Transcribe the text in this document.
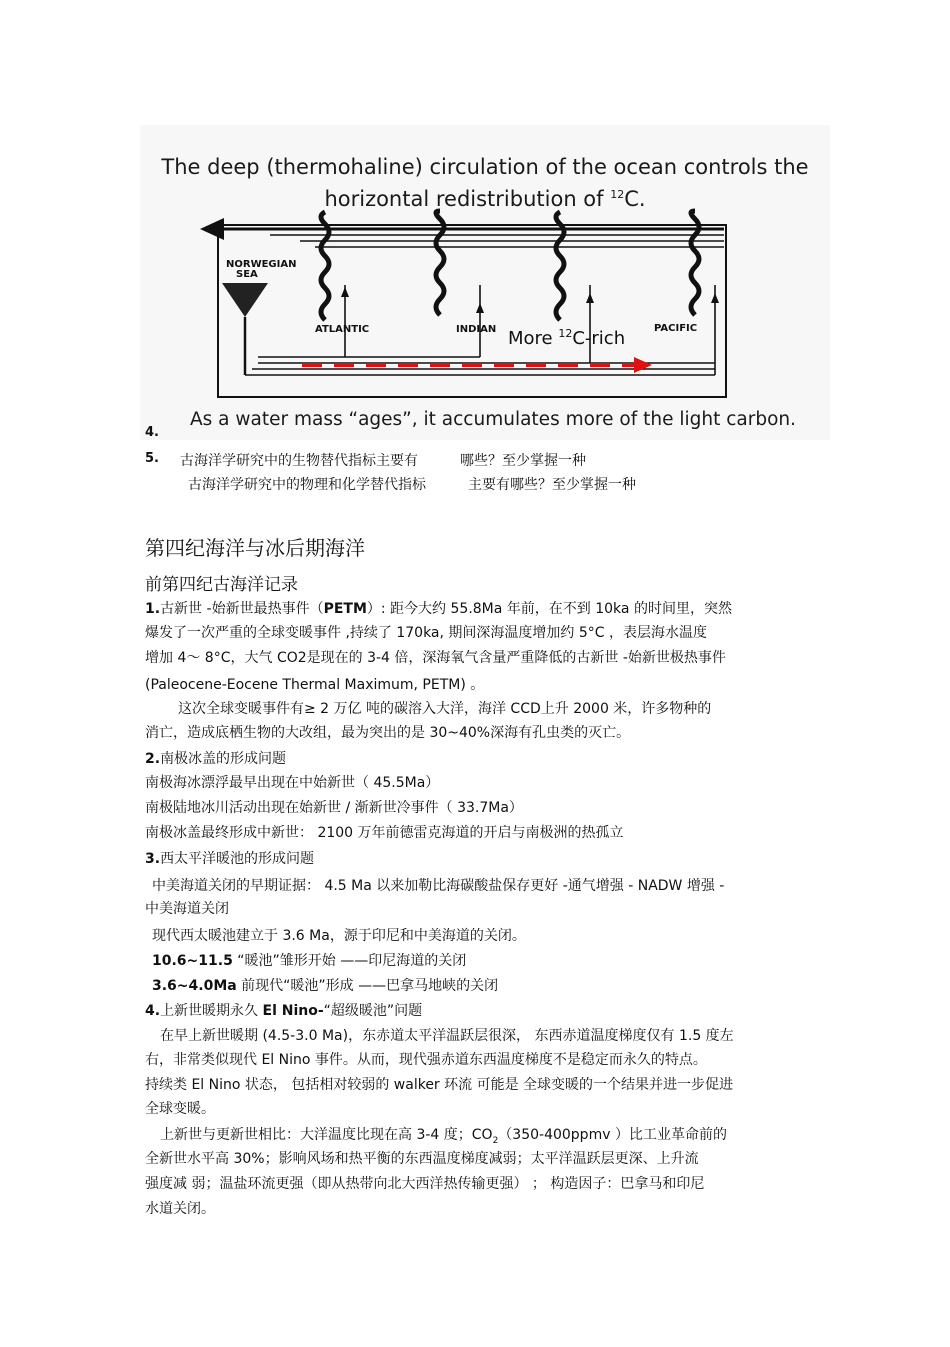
The deep (thermohaline) circulation of the ocean controls the
horizontal redistribution of $^{12}$C.
NORWEGIAN
SEA
ATLANTIC	INDIAN	PACIFIC
More $^{12}$C-rich
As a water mass “ages”, it accumulates more of the light carbon.
4.
5. 古海洋学研究中的生物替代指标主要有	哪些？至少掌握一种
古海洋学研究中的物理和化学替代指标	主要有哪些？至少掌握一种
第四纪海洋与冰后期海洋
前第四纪古海洋记录
1.古新世 -始新世最热事件（PETM）: 距今大约 55.8Ma 年前，在不到 10ka 的时间里，突然
爆发了一次严重的全球变暖事件 ,持续了 170ka, 期间深海温度增加约 5°C ，表层海水温度
增加 4～ 8°C，大气 CO2是现在的 3-4 倍，深海氧气含量严重降低的古新世 -始新世极热事件
(Paleocene-Eocene Thermal Maximum, PETM) 。
这次全球变暖事件有≥ 2 万亿 吨的碳溶入大洋，海洋 CCD上升 2000 米，许多物种的
消亡，造成底栖生物的大改组，最为突出的是 30~40%深海有孔虫类的灭亡。
2.南极冰盖的形成问题
南极海冰漂浮最早出现在中始新世（ 45.5Ma）
南极陆地冰川活动出现在始新世 / 渐新世冷事件（ 33.7Ma）
南极冰盖最终形成中新世： 2100 万年前德雷克海道的开启与南极洲的热孤立
3.西太平洋暖池的形成问题
中美海道关闭的早期证据： 4.5 Ma 以来加勒比海碳酸盐保存更好 -通气增强 - NADW 增强 -
中美海道关闭
现代西太暖池建立于 3.6 Ma，源于印尼和中美海道的关闭。
10.6~11.5 “暖池”雏形开始 ——印尼海道的关闭
3.6~4.0Ma 前现代“暖池”形成 ——巴拿马地峡的关闭
4.上新世暖期永久 El Nino-“超级暖池”问题
在早上新世暖期 (4.5-3.0 Ma)，东赤道太平洋温跃层很深， 东西赤道温度梯度仅有 1.5 度左
右，非常类似现代 El Nino 事件。从而，现代强赤道东西温度梯度不是稳定而永久的特点。
持续类 El Nino 状态， 包括相对较弱的 walker 环流 可能是 全球变暖的一个结果并进一步促进
全球变暖。
上新世与更新世相比：大洋温度比现在高 3-4 度；$CO_2(350-400ppmv$ ）比工业革命前的
全新世水平高 30%；影响风场和热平衡的东西温度梯度减弱；太平洋温跃层更深、上升流
强度减 弱；温盐环流更强（即从热带向北大西洋热传输更强） ； 构造因子：巴拿马和印尼
水道关闭。
